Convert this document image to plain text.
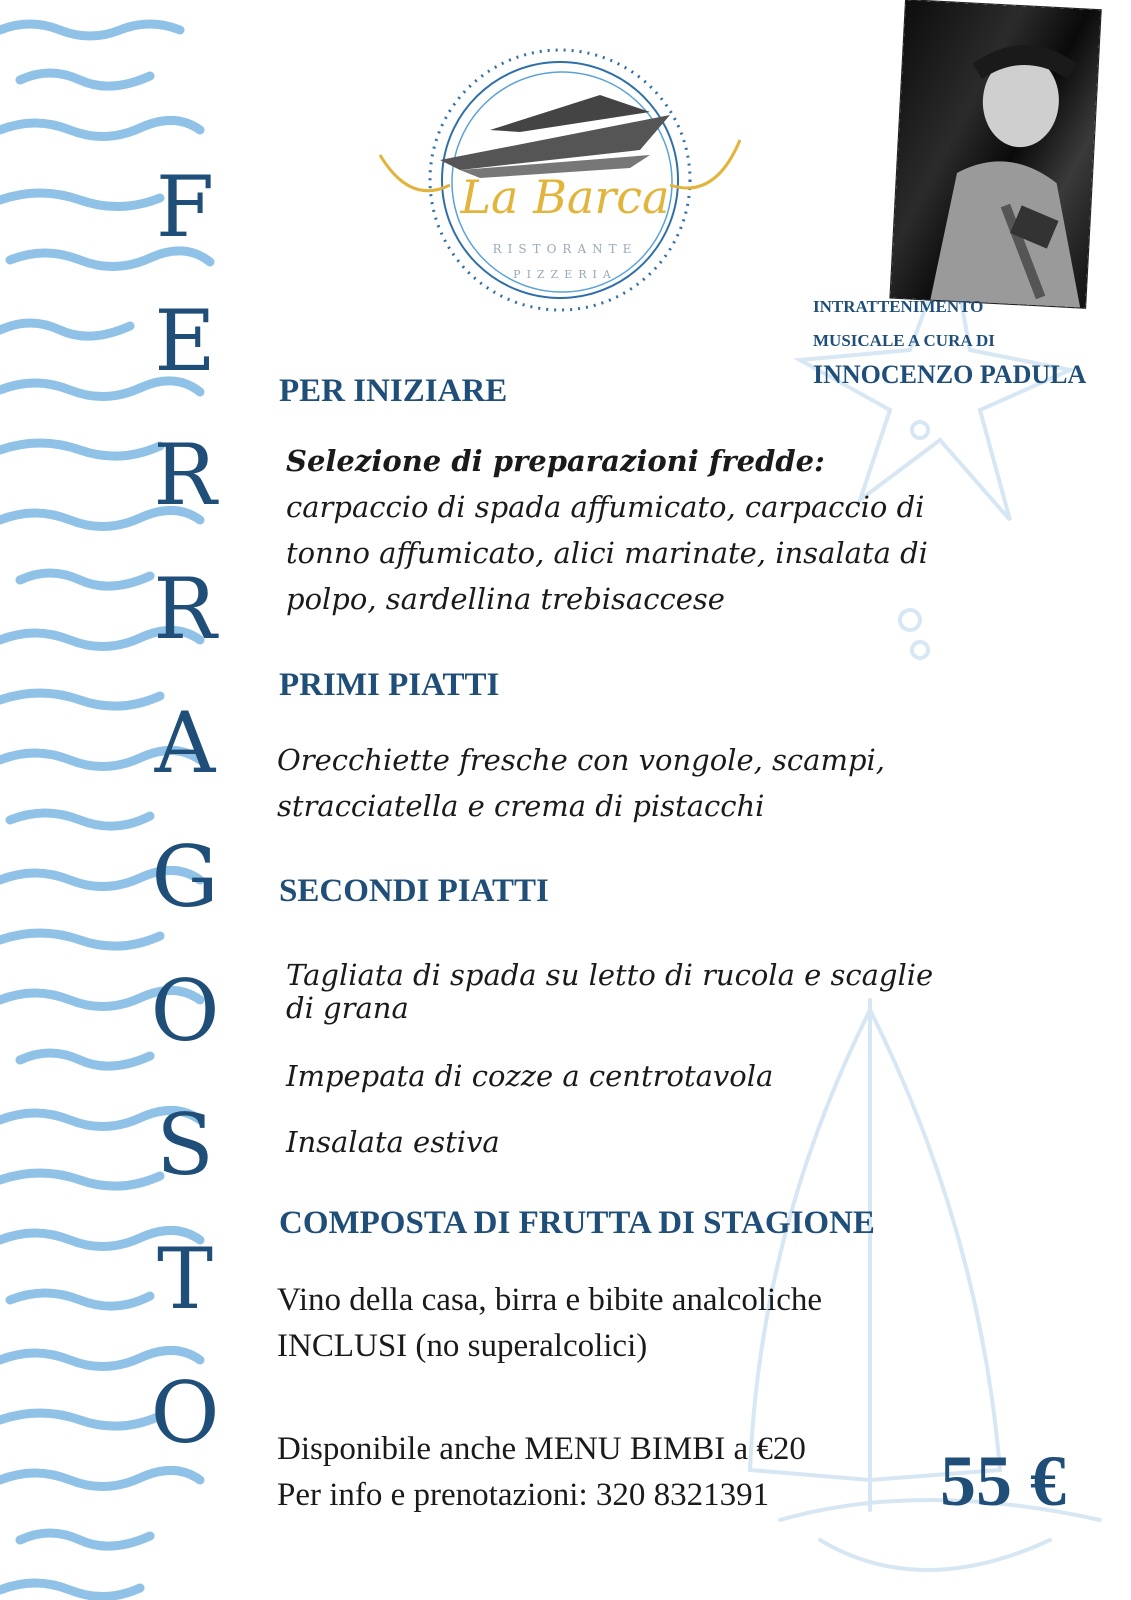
F
E
R
R
A
G
O
S
T
O
La Barca
RISTORANTE
PIZZERIA
INTRATTENIMENTO
MUSICALE A CURA DI
INNOCENZO PADULA
PER INIZIARE
Selezione di preparazioni fredde:
carpaccio di spada affumicato, carpaccio di
tonno affumicato, alici marinate, insalata di
polpo, sardellina trebisaccese
PRIMI PIATTI
Orecchiette fresche con vongole, scampi,
stracciatella e crema di pistacchi
SECONDI PIATTI
Tagliata di spada su letto di rucola e scaglie
di grana
Impepata di cozze a centrotavola
Insalata estiva
COMPOSTA DI FRUTTA DI STAGIONE
Vino della casa, birra e bibite analcoliche
INCLUSI (no superalcolici)
Disponibile anche MENU BIMBI a €20
Per info e prenotazioni: 320 8321391 55 €
